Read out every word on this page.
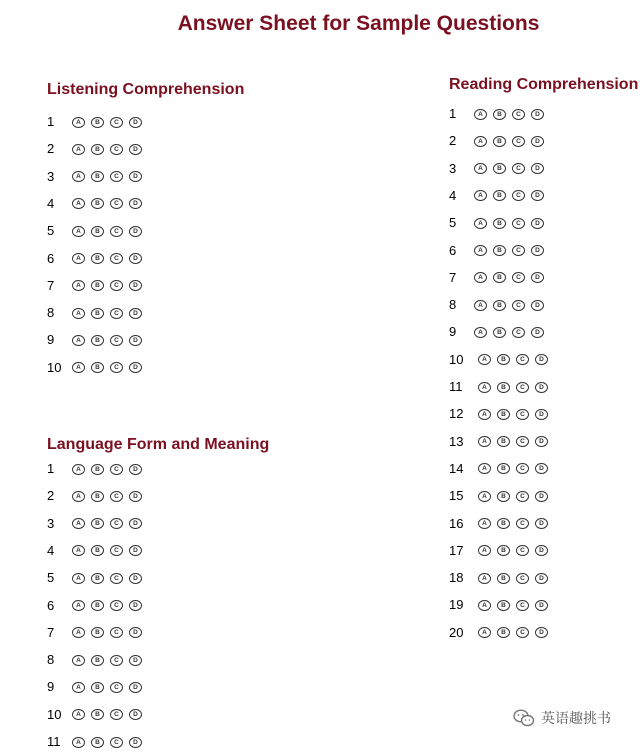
Answer Sheet for Sample Questions
Listening Comprehension
1	A	B	C	D
2	A	B	C	D
3	A	B	C	D
4	A	B	C	D
5	A	B	C	D
6	A	B	C	D
7	A	B	C	D
8	A	B	C	D
9	A	B	C	D
10	A	B	C	D
Language Form and Meaning
1	A	B	C	D
2	A	B	C	D
3	A	B	C	D
4	A	B	C	D
5	A	B	C	D
6	A	B	C	D
7	A	B	C	D
8	A	B	C	D
9	A	B	C	D
10	A	B	C	D
11	A	B	C	D
Reading Comprehension
1	A	B	C	D
2	A	B	C	D
3	A	B	C	D
4	A	B	C	D
5	A	B	C	D
6	A	B	C	D
7	A	B	C	D
8	A	B	C	D
9	A	B	C	D
10	A	B	C	D
11	A	B	C	D
12	A	B	C	D
13	A	B	C	D
14	A	B	C	D
15	A	B	C	D
16	A	B	C	D
17	A	B	C	D
18	A	B	C	D
19	A	B	C	D
20	A	B	C	D
英语趣挑书
